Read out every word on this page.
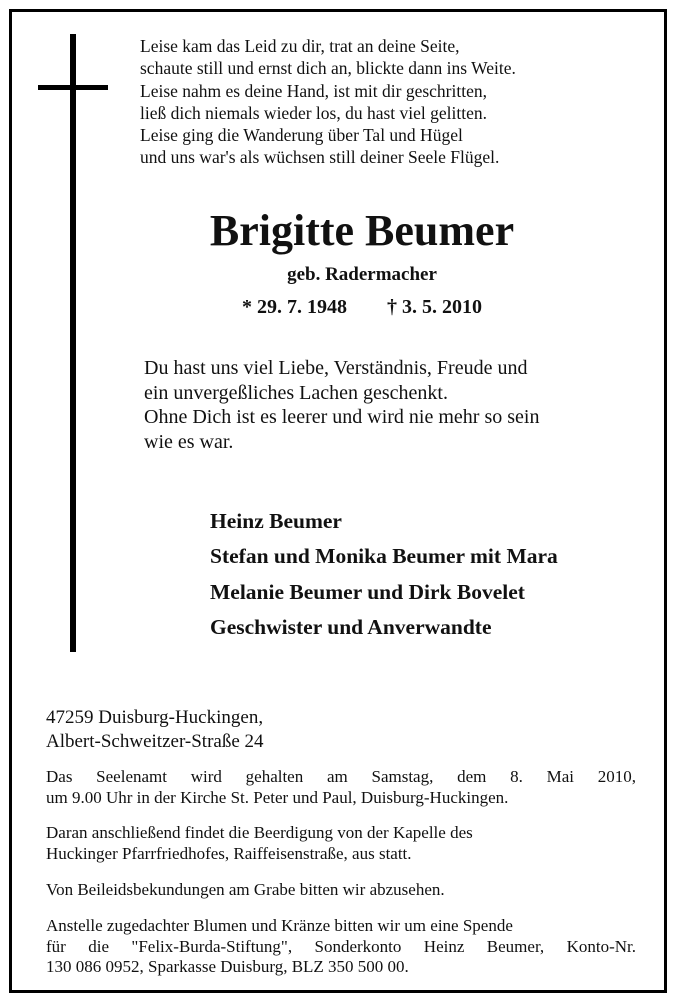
Leise kam das Leid zu dir, trat an deine Seite,
schaute still und ernst dich an, blickte dann ins Weite.
Leise nahm es deine Hand, ist mit dir geschritten,
ließ dich niemals wieder los, du hast viel gelitten.
Leise ging die Wanderung über Tal und Hügel
und uns war's als wüchsen still deiner Seele Flügel.
Brigitte Beumer
geb. Radermacher
* 29. 7. 1948 † 3. 5. 2010
Du hast uns viel Liebe, Verständnis, Freude und
ein unvergeßliches Lachen geschenkt.
Ohne Dich ist es leerer und wird nie mehr so sein
wie es war.
Heinz Beumer
Stefan und Monika Beumer mit Mara
Melanie Beumer und Dirk Bovelet
Geschwister und Anverwandte
47259 Duisburg-Huckingen,
Albert-Schweitzer-Straße 24
Das Seelenamt wird gehalten am Samstag, dem 8. Mai 2010,
um 9.00 Uhr in der Kirche St. Peter und Paul, Duisburg-Huckingen.
Daran anschließend findet die Beerdigung von der Kapelle des
Huckinger Pfarrfriedhofes, Raiffeisenstraße, aus statt.
Von Beileidsbekundungen am Grabe bitten wir abzusehen.
Anstelle zugedachter Blumen und Kränze bitten wir um eine Spende
für die "Felix-Burda-Stiftung", Sonderkonto Heinz Beumer, Konto-Nr.
130 086 0952, Sparkasse Duisburg, BLZ 350 500 00.
